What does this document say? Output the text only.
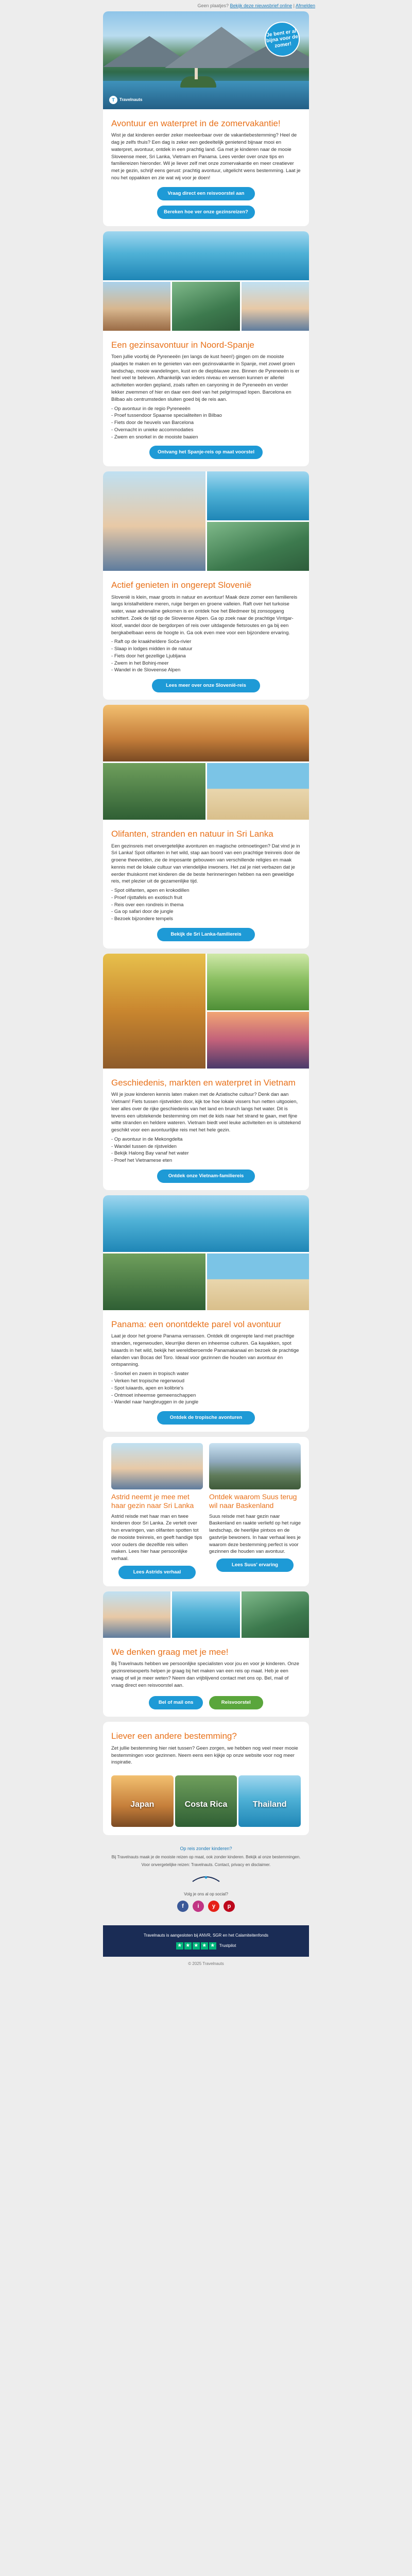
Geen plaatjes? Bekijk deze nieuwsbrief online | Afmelden
Je bent er al bijna voor de zomer!
T	Travelnauts
Avontuur en waterpret in de zomervakantie!

Wist je dat kinderen eerder zeker meeleerbaar over de vakantiebestemming? Heel de dag je zelfs thuis? Een dag is zeker een gedeeltelijk genietend bijnaar mooi en waterpret, avontuur, ontdek in een prachtig land. Ga met je kinderen naar de mooie Sloveense meer, Sri Lanka, Vietnam en Panama. Lees verder over onze tips en familiereizen hieronder. Wil je liever zelf met onze zomervakantie en meer creatiever met je gezin, schrijf eens gerust: prachtig avontuur, uitgelicht wens bestemming. Laat je nou het oppakken en zie wat wij voor je doen!

Vraag direct een reisvoorstel aan
Bereken hoe ver onze gezinsreizen?
Een gezinsavontuur in Noord-Spanje

Toen jullie voorbij de Pyreneeën (en langs de kust heen!) gingen om de mooiste plaatjes te maken en te genieten van een gezinsvakantie in Spanje, met zowel groen landschap, mooie wandelingen, kust en de diepblauwe zee. Binnen de Pyreneeën is er heel veel te beleven. Afhankelijk van ieders niveau en wensen kunnen er allerlei activiteiten worden gepland, zoals raften en canyoning in de Pyreneeën en verder lekker zwemmen of hier en daar een deel van het pelgrimspad lopen. Barcelona en Bilbao als centrumsteden sluiten goed bij de reis aan.

- Op avontuur in de regio Pyreneeën
- Proef tussendoor Spaanse specialiteiten in Bilbao
- Fiets door de heuvels van Barcelona
- Overnacht in unieke accommodaties
- Zwem en snorkel in de mooiste baaien
Ontvang het Spanje-reis op maat voorstel
Actief genieten in ongerept Slovenië

Slovenië is klein, maar groots in natuur en avontuur! Maak deze zomer een familiereis langs kristalheldere meren, ruige bergen en groene valleien. Raft over het turkoise water, waar adrenaline gekomen is en ontdek hoe het Bledmeer bij zonsopgang schittert. Zoek de tijd op de Sloveense Alpen. Ga op zoek naar de prachtige Vintgar-kloof, wandel door de bergdorpen of reis over uitdagende fietsroutes en ga bij een bergkabelbaan eens de hoogte in. Ga ook even mee voor een bijzondere ervaring.

- Raft op de kraakheldere Soča-rivier
- Slaap in lodges midden in de natuur
- Fiets door het gezellige Ljubljana
- Zwem in het Bohinj-meer
- Wandel in de Sloveense Alpen
Lees meer over onze Slovenië-reis
Olifanten, stranden en natuur in Sri Lanka

Een gezinsreis met onvergetelijke avonturen en magische ontmoetingen? Dat vind je in Sri Lanka! Spot olifanten in het wild, stap aan boord van een prachtige treinreis door de groene theevelden, zie de imposante gebouwen van verschillende religies en maak kennis met de lokale cultuur van vriendelijke inwoners. Het zal je niet verbazen dat je eerder thuiskomt met kinderen die de beste herinneringen hebben na een geweldige reis, met plezier uit de gezamenlijke tijd.

- Spot olifanten, apen en krokodillen
- Proef rijsttafels en exotisch fruit
- Reis over een rondreis in thema
- Ga op safari door de jungle
- Bezoek bijzondere tempels
Bekijk de Sri Lanka-familiereis
Geschiedenis, markten en waterpret in Vietnam

Wil je jouw kinderen kennis laten maken met de Aziatische cultuur? Denk dan aan Vietnam! Fiets tussen rijstvelden door, kijk toe hoe lokale vissers hun netten uitgooien, leer alles over de rijke geschiedenis van het land en brunch langs het water. Dit is tevens een uitstekende bestemming om met de kids naar het strand te gaan, met fijne witte stranden en heldere wateren. Vietnam biedt veel leuke activiteiten en is uitstekend geschikt voor een avontuurlijke reis met het hele gezin.

- Op avontuur in de Mekongdelta
- Wandel tussen de rijstvelden
- Bekijk Halong Bay vanaf het water
- Proef het Vietnamese eten
Ontdek onze Vietnam-familiereis
Panama: een onontdekte parel vol avontuur

Laat je door het groene Panama verrassen. Ontdek dit ongerepte land met prachtige stranden, regenwouden, kleurrijke dieren en inheemse culturen. Ga kayakken, spot luiaards in het wild, bekijk het wereldberoemde Panamakanaal en bezoek de prachtige eilanden van Bocas del Toro. Ideaal voor gezinnen die houden van avontuur én ontspanning.

- Snorkel en zwem in tropisch water
- Verken het tropische regenwoud
- Spot luiaards, apen en kolibrie's
- Ontmoet inheemse gemeenschappen
- Wandel naar hangbruggen in de jungle
Ontdek de tropische avonturen
Astrid neemt je mee met haar gezin naar Sri Lanka

Astrid reisde met haar man en twee kinderen door Sri Lanka. Ze vertelt over hun ervaringen, van olifanten spotten tot de mooiste treinreis, en geeft handige tips voor ouders die dezelfde reis willen maken. Lees hier haar persoonlijke verhaal.

Lees Astrids verhaal
Ontdek waarom Suus terug wil naar Baskenland

Suus reisde met haar gezin naar Baskenland en raakte verliefd op het ruige landschap, de heerlijke pintxos en de gastvrije bewoners. In haar verhaal lees je waarom deze bestemming perfect is voor gezinnen die houden van avontuur.

Lees Suus' ervaring
We denken graag met je mee!

Bij Travelnauts hebben we persoonlijke specialisten voor jou en voor je kinderen. Onze gezinsreisexperts helpen je graag bij het maken van een reis op maat. Heb je een vraag of wil je meer weten? Neem dan vrijblijvend contact met ons op. Bel, mail of vraag direct een reisvoorstel aan.

Bel of mail ons	Reisvoorstel
Liever een andere bestemming?

Zet jullie bestemming hier niet tussen? Geen zorgen, we hebben nog veel meer mooie bestemmingen voor gezinnen. Neem eens een kijkje op onze website voor nog meer inspiratie.

Japan	Costa Rica	Thailand
Op reis zonder kinderen?
Bij Travelnauts maak je de mooiste reizen op maat, ook zonder kinderen. Bekijk al onze bestemmingen.
Voor onvergetelijke reizen: Travelnauts. Contact, privacy en disclaimer.
Volg je ons al op social?
f	i	y	p
Travelnauts is aangesloten bij ANVR, SGR en het Calamiteitenfonds
★ ★ ★ ★ ★	Trustpilot
© 2025 Travelnauts
